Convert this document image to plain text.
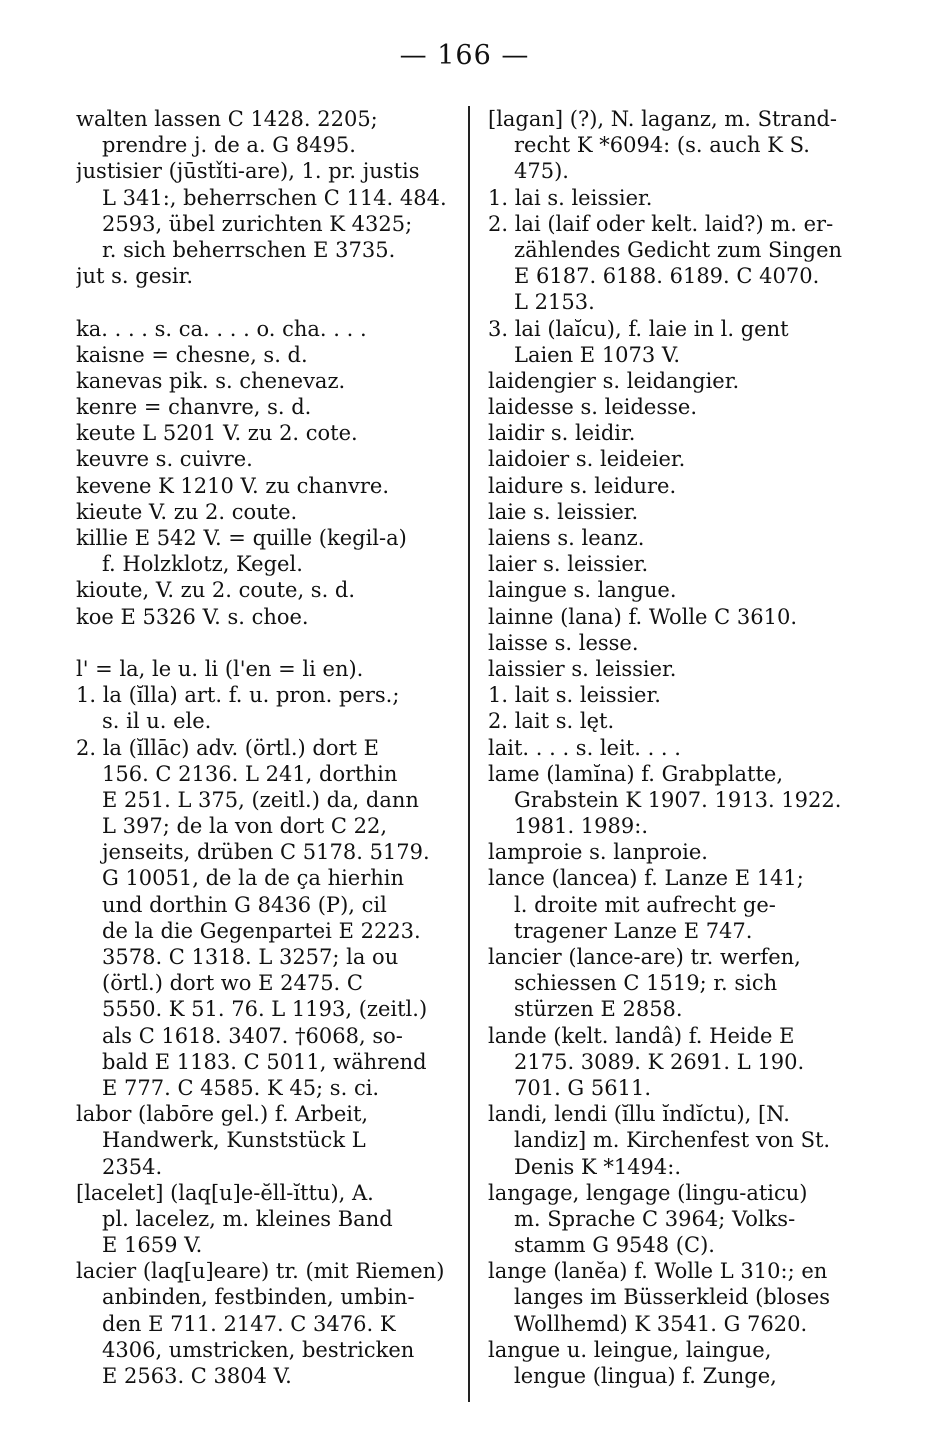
— 166 —
walten lassen C 1428. 2205;
prendre j. de a. G 8495.
justisier (jūstǐti-are), 1. pr. justis
L 341:, beherrschen C 114. 484.
2593, übel zurichten K 4325;
r. sich beherrschen E 3735.
jut s. gesir.
ka. . . . s. ca. . . . o. cha. . . .
kaisne = chesne, s. d.
kanevas pik. s. chenevaz.
kenre = chanvre, s. d.
keute L 5201 V. zu 2. cote.
keuvre s. cuivre.
kevene K 1210 V. zu chanvre.
kieute V. zu 2. coute.
killie E 542 V. = quille (kegil-a)
f. Holzklotz, Kegel.
kioute, V. zu 2. coute, s. d.
koe E 5326 V. s. choe.
l' = la, le u. li (l'en = li en).
1. la (ĭlla) art. f. u. pron. pers.;
s. il u. ele.
2. la (ĭllāc) adv. (örtl.) dort E
156. C 2136. L 241, dorthin
E 251. L 375, (zeitl.) da, dann
L 397; de la von dort C 22,
jenseits, drüben C 5178. 5179.
G 10051, de la de ça hierhin
und dorthin G 8436 (P), cil
de la die Gegenpartei E 2223.
3578. C 1318. L 3257; la ou
(örtl.) dort wo E 2475. C
5550. K 51. 76. L 1193, (zeitl.)
als C 1618. 3407. †6068, so-
bald E 1183. C 5011, während
E 777. C 4585. K 45; s. ci.
labor (labōre gel.) f. Arbeit,
Handwerk, Kunststück L
2354.
[lacelet] (laq[u]e-ĕll-ĭttu), A.
pl. lacelez, m. kleines Band
E 1659 V.
lacier (laq[u]eare) tr. (mit Riemen)
anbinden, festbinden, umbin-
den E 711. 2147. C 3476. K
4306, umstricken, bestricken
E 2563. C 3804 V.
[lagan] (?), N. laganz, m. Strand-
recht K *6094: (s. auch K S.
475).
1. lai s. leissier.
2. lai (laif oder kelt. laid?) m. er-
zählendes Gedicht zum Singen
E 6187. 6188. 6189. C 4070.
L 2153.
3. lai (laĭcu), f. laie in l. gent
Laien E 1073 V.
laidengier s. leidangier.
laidesse s. leidesse.
laidir s. leidir.
laidoier s. leideier.
laidure s. leidure.
laie s. leissier.
laiens s. leanz.
laier s. leissier.
laingue s. langue.
lainne (lana) f. Wolle C 3610.
laisse s. lesse.
laissier s. leissier.
1. lait s. leissier.
2. lait s. lęt.
lait. . . . s. leit. . . .
lame (lamĭna) f. Grabplatte,
Grabstein K 1907. 1913. 1922.
1981. 1989:.
lamproie s. lanproie.
lance (lancea) f. Lanze E 141;
l. droite mit aufrecht ge-
tragener Lanze E 747.
lancier (lance-are) tr. werfen,
schiessen C 1519; r. sich
stürzen E 2858.
lande (kelt. landâ) f. Heide E
2175. 3089. K 2691. L 190.
701. G 5611.
landi, lendi (ĭllu ĭndĭctu), [N.
landiz] m. Kirchenfest von St.
Denis K *1494:.
langage, lengage (lingu-aticu)
m. Sprache C 3964; Volks-
stamm G 9548 (C).
lange (lanĕa) f. Wolle L 310:; en
langes im Büsserkleid (bloses
Wollhemd) K 3541. G 7620.
langue u. leingue, laingue,
lengue (lingua) f. Zunge,
